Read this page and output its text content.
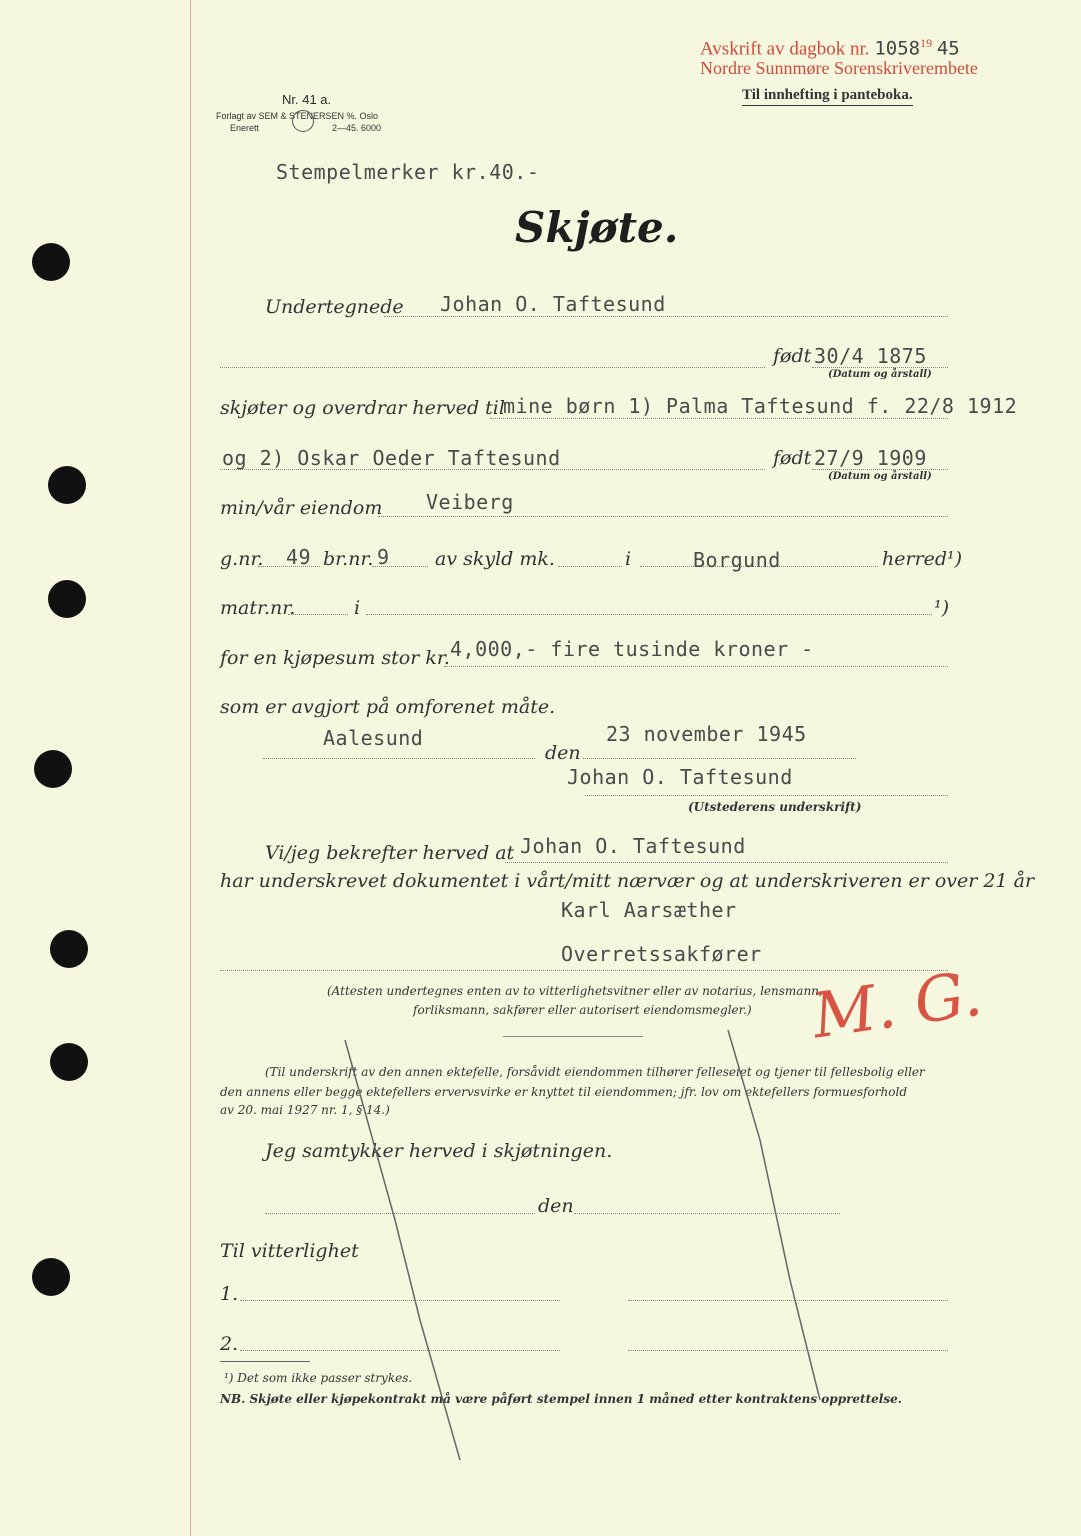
Avskrift av dagbok nr. 1058$^{19}$ 45
Nordre Sunnmøre Sorenskriverembete
Til innhefting i panteboka.
Nr. 41 a.
Forlagt av SEM & STENERSEN %. Oslo
Enerett	2—45. 6000
Stempelmerker kr.40.-
Skjøte.
Undertegnede Johan O. Taftesund
født 30/4 1875
(Datum og årstall)
skjøter og overdrar herved til
mine børn 1) Palma Taftesund f. 22/8 1912
og 2) Oskar Oeder Taftesund	født 27/9 1909
(Datum og årstall)
min/vår eiendom Veiberg
g.nr. 49 br.nr. 9 av skyld mk.	i	Borgund	herred¹)
matr.nr.	i	¹)
for en kjøpesum stor kr. 4,000,- fire tusinde kroner -
som er avgjort på omforenet måte.
Aalesund
den
23 november 1945
Johan O. Taftesund
(Utstederens underskrift)
Vi/jeg bekrefter herved at Johan O. Taftesund
har underskrevet dokumentet i vårt/mitt nærvær og at underskriveren er over 21 år
Karl Aarsæther
Overretssakfører
(Attesten undertegnes enten av to vitterlighetsvitner eller av notarius, lensmann,
forliksmann, sakfører eller autorisert eiendomsmegler.) M. G.
(Til underskrift av den annen ektefelle, forsåvidt eiendommen tilhører felleseiet og tjener til fellesbolig eller
den annens eller begge ektefellers ervervsvirke er knyttet til eiendommen; jfr. lov om ektefellers formuesforhold
av 20. mai 1927 nr. 1, § 14.)
Jeg samtykker herved i skjøtningen.
den
Til vitterlighet
1.
2.
¹) Det som ikke passer strykes.
NB. Skjøte eller kjøpekontrakt må være påført stempel innen 1 måned etter kontraktens opprettelse.
